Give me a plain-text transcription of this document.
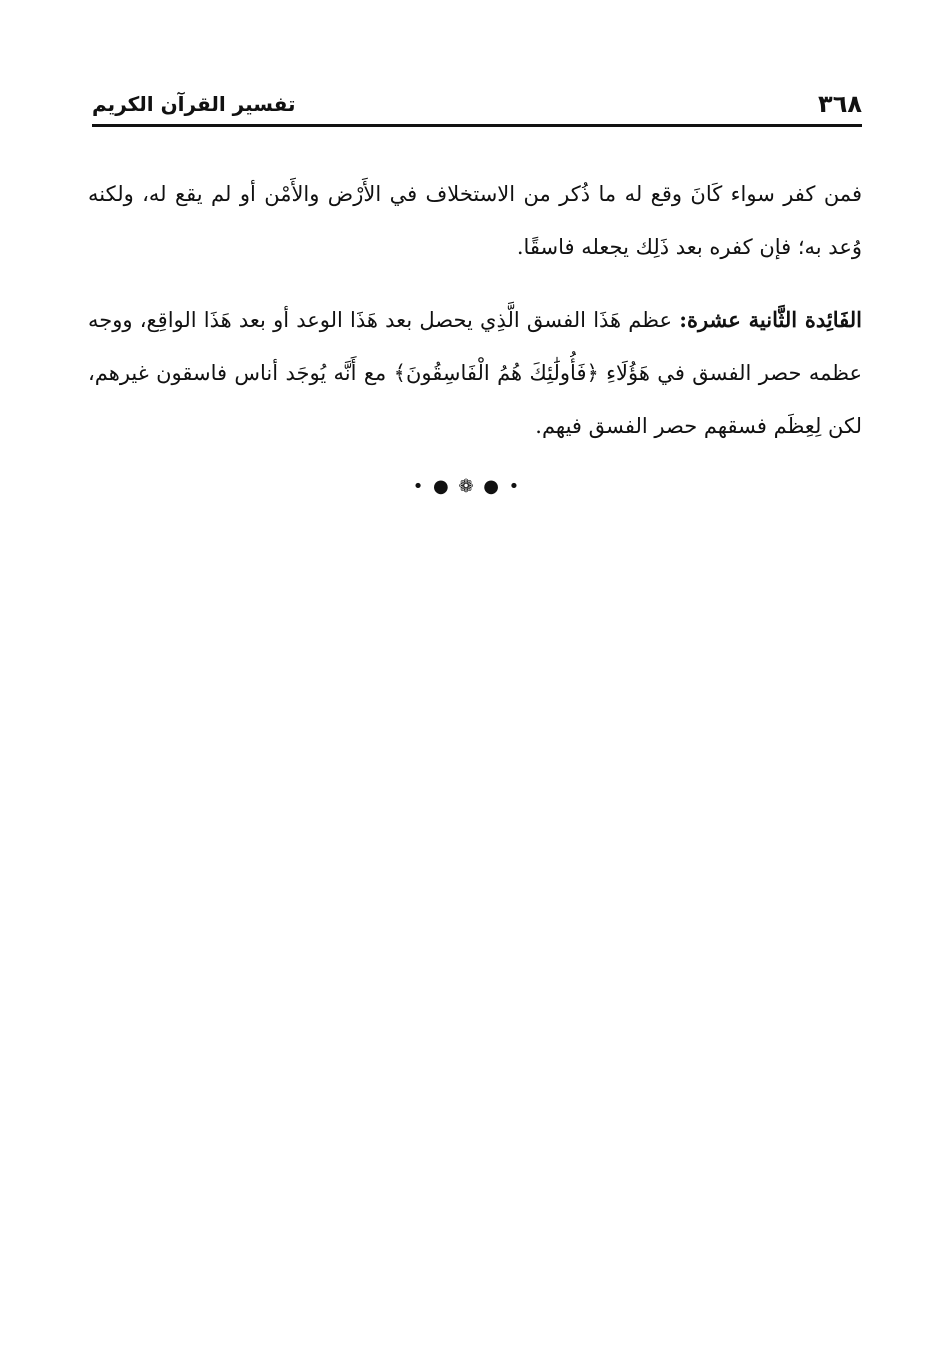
٣٦٨
تفسير القرآن الكريم

فمن كفر سواء كَانَ وقع له ما ذُكر من الاستخلاف في الأَرْض والأَمْن أو لم يقع له، ولكنه وُعد به؛ فإن كفره بعد ذَلِك يجعله فاسقًا.

الفَائِدة الثَّانية عشرة: عظم هَذَا الفسق الَّذِي يحصل بعد هَذَا الوعد أو بعد هَذَا الواقِع، ووجه عظمه حصر الفسق في هَؤُلَاءِ ﴿فَأُولَٰئِكَ هُمُ الْفَاسِقُونَ﴾ مع أَنَّه يُوجَد أناس فاسقون غيرهم، لكن لِعِظَم فسقهم حصر الفسق فيهم.

• ● ❁ ● •
